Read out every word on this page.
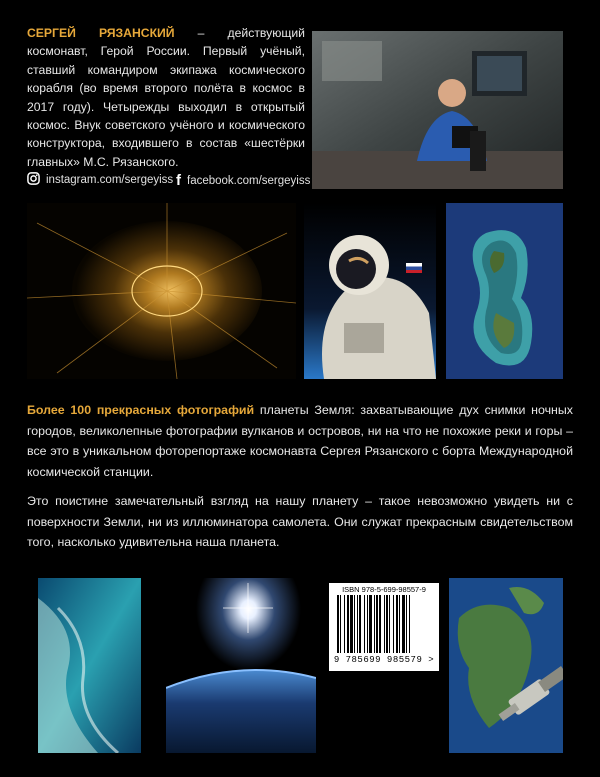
СЕРГЕЙ РЯЗАНСКИЙ – действующий космонавт, Герой России. Первый учёный, ставший командиром экипажа космического корабля (во время второго полёта в космос в 2017 году). Четырежды выходил в открытый космос. Внук советского учёного и космического конструктора, входившего в состав «шестёрки главных» М.С. Рязанского.
instagram.com/sergeyiss f facebook.com/sergeyiss
Более 100 прекрасных фотографий планеты Земля: захватывающие дух снимки ночных городов, великолепные фотографии вулканов и островов, ни на что не похожие реки и горы – все это в уникальном фоторепортаже космонавта Сергея Рязанского с борта Международной космической станции.
Это поистине замечательный взгляд на нашу планету – такое невозможно увидеть ни с поверхности Земли, ни из иллюминатора самолета. Они служат прекрасным свидетельством того, насколько удивительна наша планета.
ISBN 978-5-699-98557-9
9 785699 985579 >
